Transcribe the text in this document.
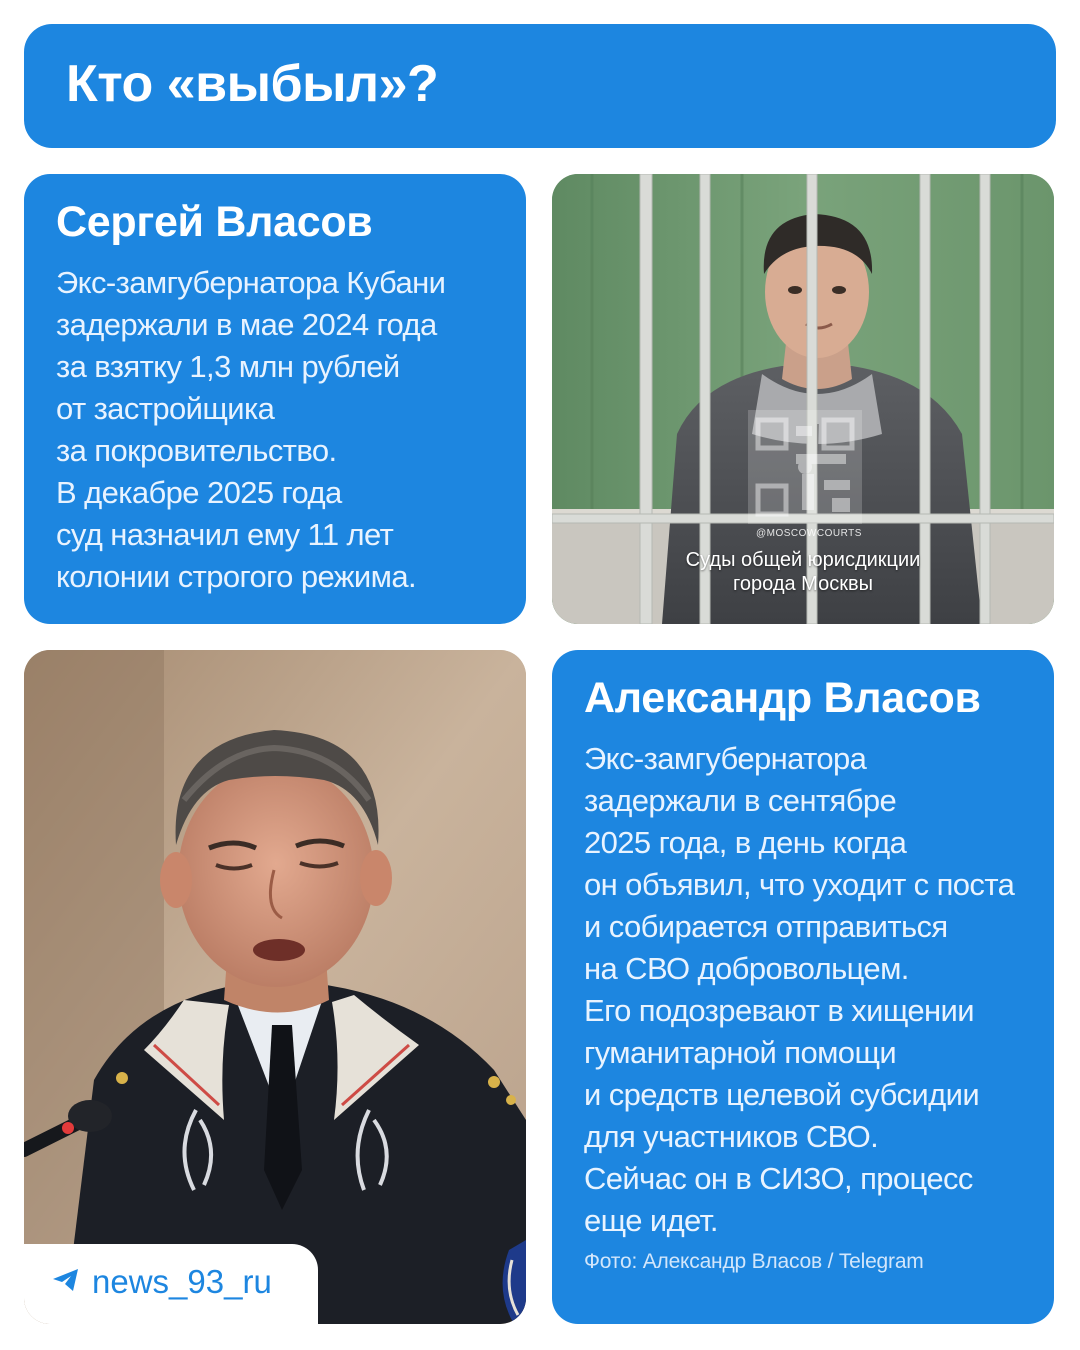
Кто «выбыл»?
Сергей Власов
Экс-замгубернатора Кубани
задержали в мае 2024 года
за взятку 1,3 млн рублей
от застройщика
за покровительство.
В декабре 2025 года
суд назначил ему 11 лет
колонии строгого режима.
@MOSCOWCOURTS
Суды общей юрисдикции
города Москвы
news_93_ru
Александр Власов
Экс-замгубернатора
задержали в сентябре
2025 года, в день когда
он объявил, что уходит с поста
и собирается отправиться
на СВО добровольцем.
Его подозревают в хищении
гуманитарной помощи
и средств целевой субсидии
для участников СВО.
Сейчас он в СИЗО, процесс
еще идет.
Фото: Александр Власов / Telegram
